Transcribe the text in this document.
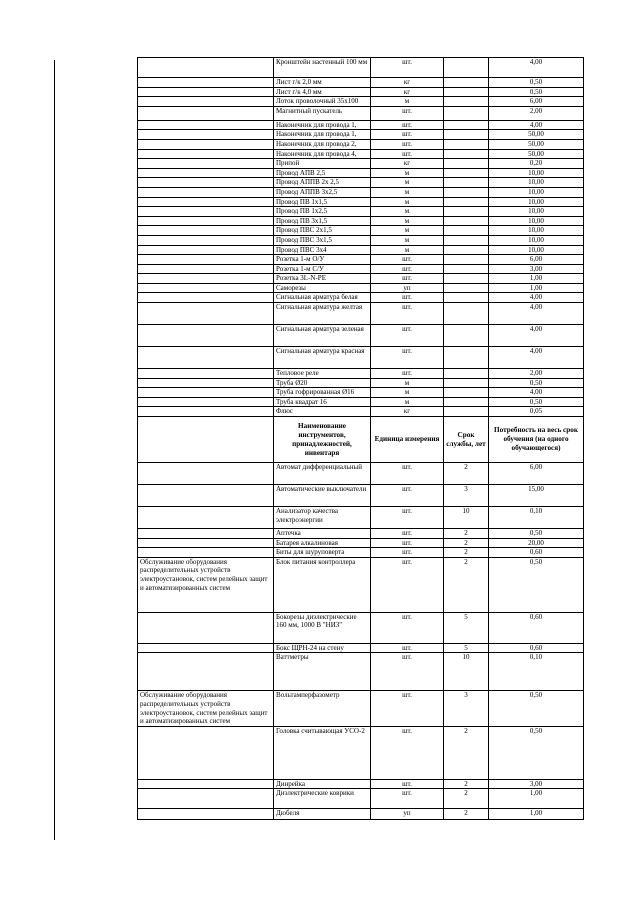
	Кронштейн настенный 100 мм	шт.		4,00
	Лист г/к 2,0 мм	кг		0,50
	Лист г/к 4,0 мм	кг		0,50
	Лоток проволочный 35х100	м		6,00
	Магнитный пускатель	шт.		2,00
	Наконечник для провода 1,	шт.		4,00
	Наконечник для провода 1,	шт.		50,00
	Наконечник для провода 2,	шт.		50,00
	Наконечник для провода 4,	шт.		50,00
	Припой	кг		0,20
	Провод АПВ 2,5	м		10,00
	Провод АППВ 2х 2,5	м		10,00
	Провод АППВ 3х2,5	м		10,00
	Провод ПВ 1х1,5	м		10,00
	Провод ПВ 1х2,5	м		10,00
	Провод ПВ 3х1,5	м		10,00
	Провод ПВС 2х1,5	м		10,00
	Провод ПВС 3х1,5	м		10,00
	Провод ПВС 3х4	м		10,00
	Розетка 1-м О/У	шт.		6,00
	Розетка 1-м С/У	шт.		3,00
	Розетка 3L-N-PE	шт.		1,00
	Саморезы	уп		1,00
	Сигнальная арматура белая	шт.		4,00
	Сигнальная арматура желтая	шт.		4,00
	Сигнальная арматура зеленая	шт.		4,00
	Сигнальная арматура красная	шт.		4,00
	Тепловое реле	шт.		2,00
	Труба Ø20	м		0,50
	Труба гофрированная Ø16	м		4,00
	Труба квадрат 16	м		0,50
	Флюс	кг		0,05
	Наименование инструментов, принадлежностей, инвентаря	Единица измерения	Срок службы, лет	Потребность на весь срок обучения (на одного обучающегося)
	Автомат дифференциальный	шт.	2	6,00
	Автоматические выключатели	шт.	3	15,00
	Анализатор качества электроэнергии	шт.	10	0,10
	Аптечка	шт.	2	0,50
	Батарея алкалиновая	шт.	2	20,00
	Биты для шуруповерта	шт.	2	0,60
Обслуживание оборудования распределительных устройств электроустановок, систем релейных защит и автоматизированных систем	Блок питания контроллера	шт.	2	0,50
	Бокорезы диэлектрические 160 мм, 1000 В "НИЗ"	шт.	5	0,60
	Бокс ЩРН-24 на стену	шт.	5	0,60
	Ваттметры	шт.	10	0,10
Обслуживание оборудования распределительных устройств электроустановок, систем релейных защит и автоматизированных систем	Вольтамперфазометр	шт.	3	0,50
	Головка считывающая УСО-2	шт.	2	0,50
	Динрейка	шт.	2	3,00
	Диэлектрические коврики	шт.	2	1,00
	Дюбеля	уп	2	1,00
